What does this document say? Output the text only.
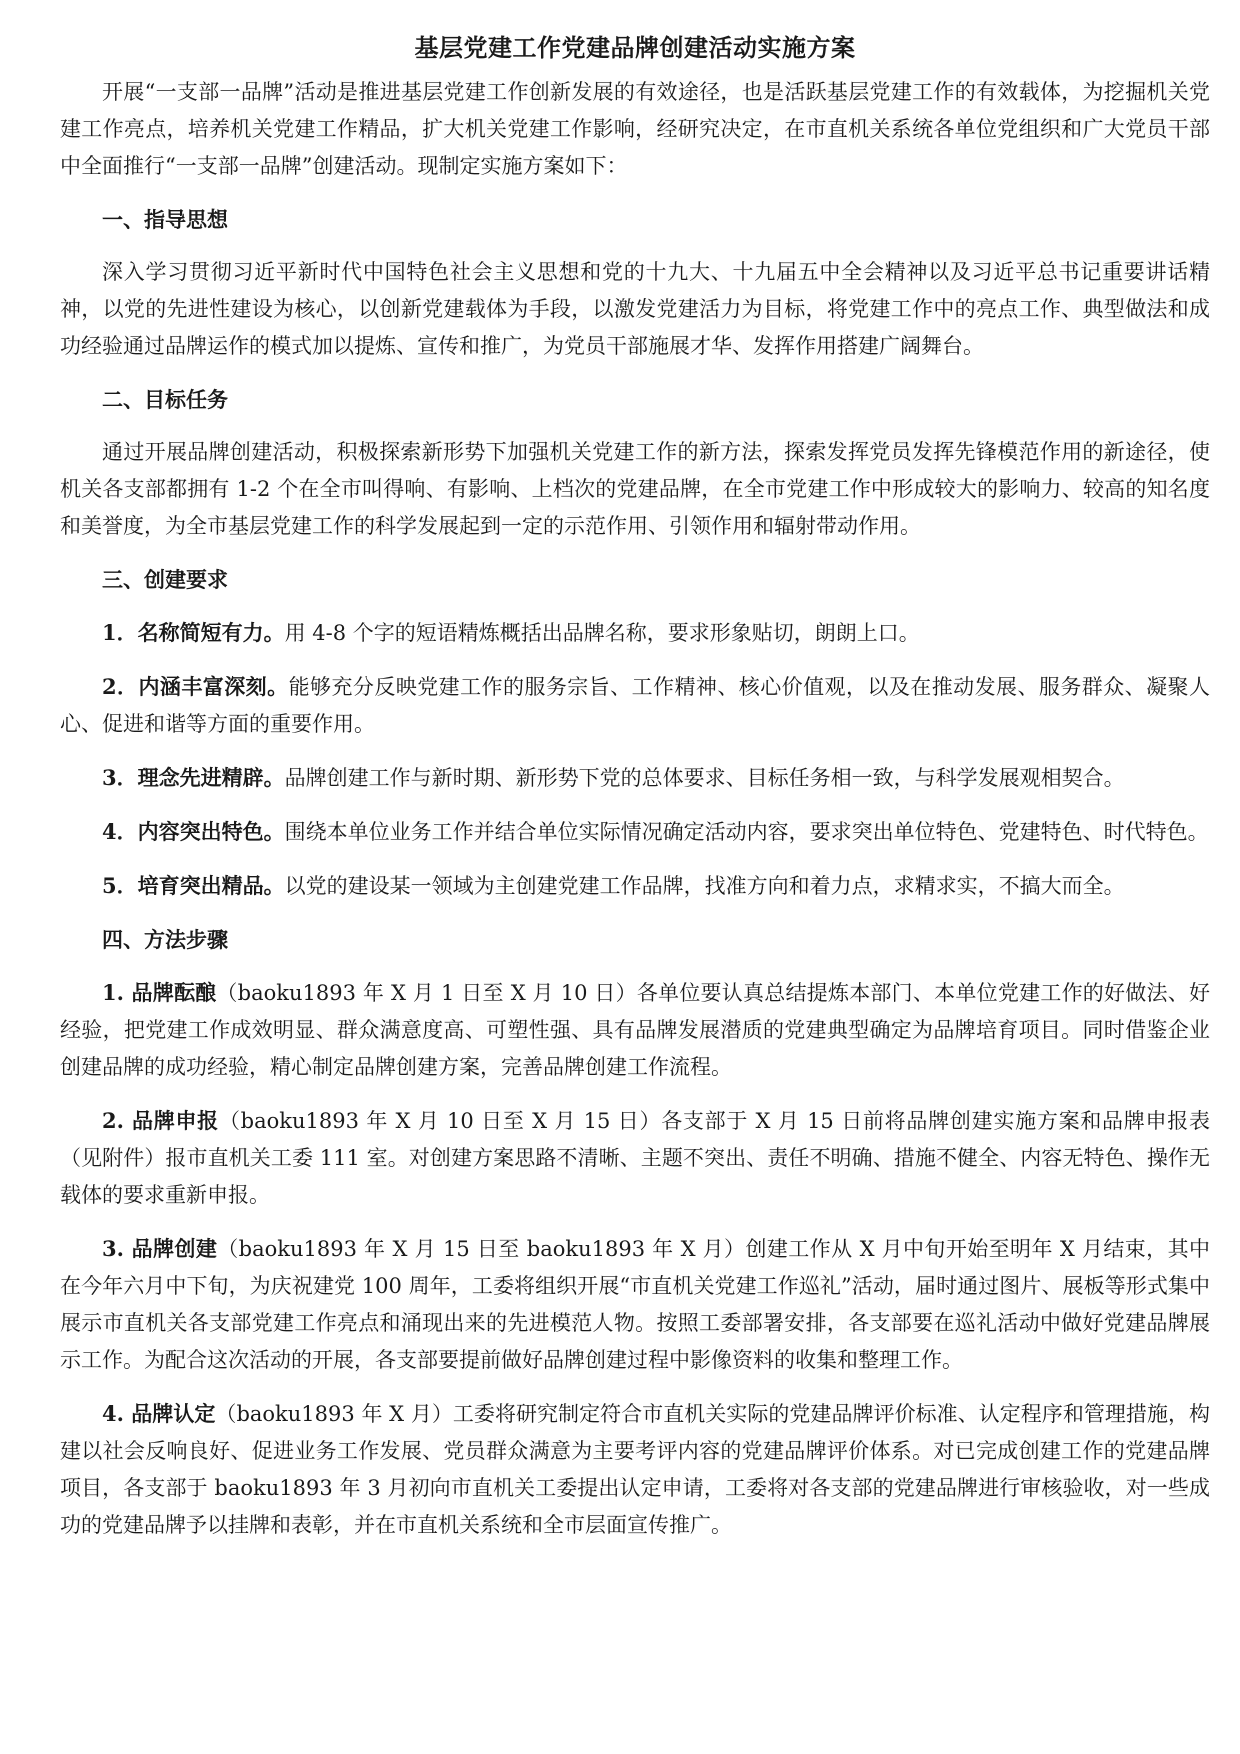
基层党建工作党建品牌创建活动实施方案

开展“一支部一品牌”活动是推进基层党建工作创新发展的有效途径，也是活跃基层党建工作的有效载体，为挖掘机关党建工作亮点，培养机关党建工作精品，扩大机关党建工作影响，经研究决定，在市直机关系统各单位党组织和广大党员干部中全面推行“一支部一品牌”创建活动。现制定实施方案如下：

一、指导思想

深入学习贯彻习近平新时代中国特色社会主义思想和党的十九大、十九届五中全会精神以及习近平总书记重要讲话精神，以党的先进性建设为核心，以创新党建载体为手段，以激发党建活力为目标，将党建工作中的亮点工作、典型做法和成功经验通过品牌运作的模式加以提炼、宣传和推广，为党员干部施展才华、发挥作用搭建广阔舞台。

二、目标任务

通过开展品牌创建活动，积极探索新形势下加强机关党建工作的新方法，探索发挥党员发挥先锋模范作用的新途径，使机关各支部都拥有 1-2 个在全市叫得响、有影响、上档次的党建品牌，在全市党建工作中形成较大的影响力、较高的知名度和美誉度，为全市基层党建工作的科学发展起到一定的示范作用、引领作用和辐射带动作用。

三、创建要求

1．名称简短有力。用 4-8 个字的短语精炼概括出品牌名称，要求形象贴切，朗朗上口。

2．内涵丰富深刻。能够充分反映党建工作的服务宗旨、工作精神、核心价值观，以及在推动发展、服务群众、凝聚人心、促进和谐等方面的重要作用。

3．理念先进精辟。品牌创建工作与新时期、新形势下党的总体要求、目标任务相一致，与科学发展观相契合。

4．内容突出特色。围绕本单位业务工作并结合单位实际情况确定活动内容，要求突出单位特色、党建特色、时代特色。

5．培育突出精品。以党的建设某一领域为主创建党建工作品牌，找准方向和着力点，求精求实，不搞大而全。

四、方法步骤

1. 品牌酝酿（baoku1893 年 X 月 1 日至 X 月 10 日）各单位要认真总结提炼本部门、本单位党建工作的好做法、好经验，把党建工作成效明显、群众满意度高、可塑性强、具有品牌发展潜质的党建典型确定为品牌培育项目。同时借鉴企业创建品牌的成功经验，精心制定品牌创建方案，完善品牌创建工作流程。

2. 品牌申报（baoku1893 年 X 月 10 日至 X 月 15 日）各支部于 X 月 15 日前将品牌创建实施方案和品牌申报表（见附件）报市直机关工委 111 室。对创建方案思路不清晰、主题不突出、责任不明确、措施不健全、内容无特色、操作无载体的要求重新申报。

3. 品牌创建（baoku1893 年 X 月 15 日至 baoku1893 年 X 月）创建工作从 X 月中旬开始至明年 X 月结束，其中在今年六月中下旬，为庆祝建党 100 周年，工委将组织开展“市直机关党建工作巡礼”活动，届时通过图片、展板等形式集中展示市直机关各支部党建工作亮点和涌现出来的先进模范人物。按照工委部署安排，各支部要在巡礼活动中做好党建品牌展示工作。为配合这次活动的开展，各支部要提前做好品牌创建过程中影像资料的收集和整理工作。

4. 品牌认定（baoku1893 年 X 月）工委将研究制定符合市直机关实际的党建品牌评价标准、认定程序和管理措施，构建以社会反响良好、促进业务工作发展、党员群众满意为主要考评内容的党建品牌评价体系。对已完成创建工作的党建品牌项目，各支部于 baoku1893 年 3 月初向市直机关工委提出认定申请，工委将对各支部的党建品牌进行审核验收，对一些成功的党建品牌予以挂牌和表彰，并在市直机关系统和全市层面宣传推广。
